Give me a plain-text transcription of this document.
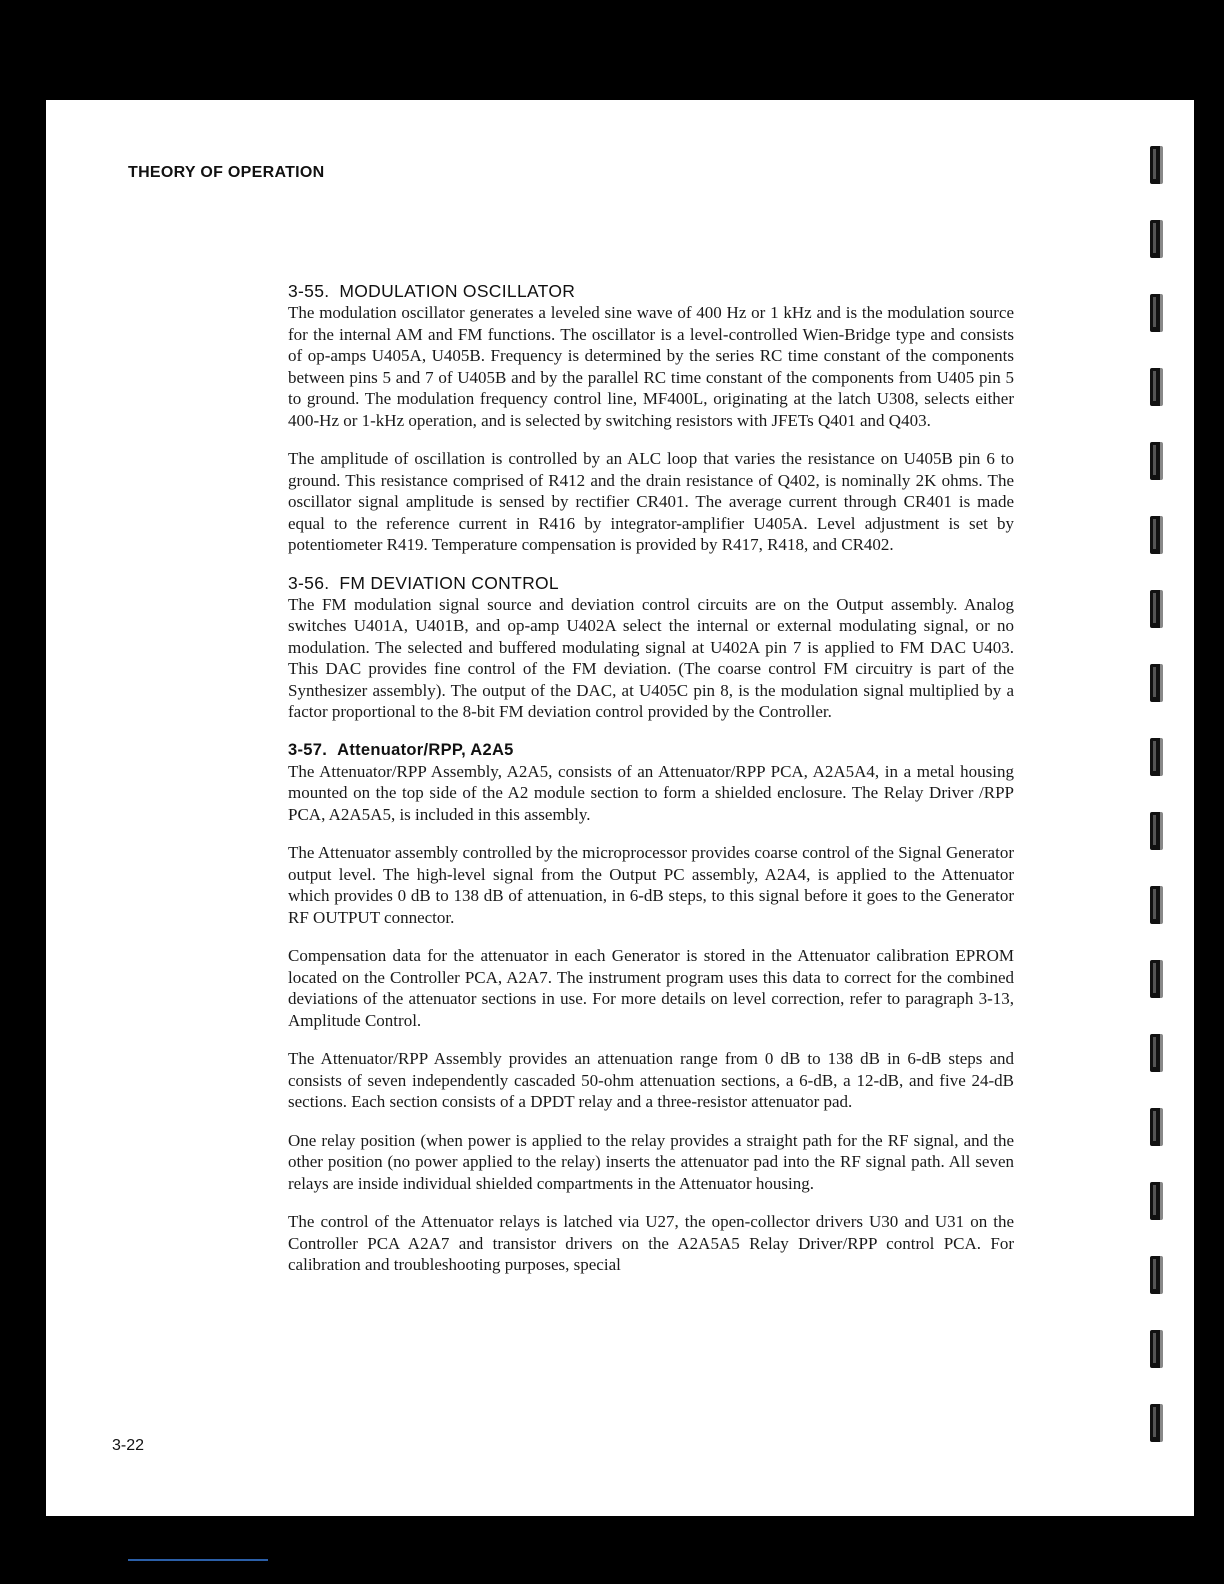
THEORY OF OPERATION
3-55. MODULATION OSCILLATOR

The modulation oscillator generates a leveled sine wave of 400 Hz or 1 kHz and is the modulation source for the internal AM and FM functions. The oscillator is a level-controlled Wien-Bridge type and consists of op-amps U405A, U405B. Frequency is determined by the series RC time constant of the components between pins 5 and 7 of U405B and by the parallel RC time constant of the components from U405 pin 5 to ground. The modulation frequency control line, MF400L, originating at the latch U308, selects either 400-Hz or 1-kHz operation, and is selected by switching resistors with JFETs Q401 and Q403.

The amplitude of oscillation is controlled by an ALC loop that varies the resistance on U405B pin 6 to ground. This resistance comprised of R412 and the drain resistance of Q402, is nominally 2K ohms. The oscillator signal amplitude is sensed by rectifier CR401. The average current through CR401 is made equal to the reference current in R416 by integrator-amplifier U405A. Level adjustment is set by potentiometer R419. Temperature compensation is provided by R417, R418, and CR402.

3-56. FM DEVIATION CONTROL

The FM modulation signal source and deviation control circuits are on the Output assembly. Analog switches U401A, U401B, and op-amp U402A select the internal or external modulating signal, or no modulation. The selected and buffered modulating signal at U402A pin 7 is applied to FM DAC U403. This DAC provides fine control of the FM deviation. (The coarse control FM circuitry is part of the Synthesizer assembly). The output of the DAC, at U405C pin 8, is the modulation signal multiplied by a factor proportional to the 8-bit FM deviation control provided by the Controller.

3-57. Attenuator/RPP, A2A5

The Attenuator/RPP Assembly, A2A5, consists of an Attenuator/RPP PCA, A2A5A4, in a metal housing mounted on the top side of the A2 module section to form a shielded enclosure. The Relay Driver /RPP PCA, A2A5A5, is included in this assembly.

The Attenuator assembly controlled by the microprocessor provides coarse control of the Signal Generator output level. The high-level signal from the Output PC assembly, A2A4, is applied to the Attenuator which provides 0 dB to 138 dB of attenuation, in 6-dB steps, to this signal before it goes to the Generator RF OUTPUT connector.

Compensation data for the attenuator in each Generator is stored in the Attenuator calibration EPROM located on the Controller PCA, A2A7. The instrument program uses this data to correct for the combined deviations of the attenuator sections in use. For more details on level correction, refer to paragraph 3-13, Amplitude Control.

The Attenuator/RPP Assembly provides an attenuation range from 0 dB to 138 dB in 6-dB steps and consists of seven independently cascaded 50-ohm attenuation sections, a 6-dB, a 12-dB, and five 24-dB sections. Each section consists of a DPDT relay and a three-resistor attenuator pad.

One relay position (when power is applied to the relay provides a straight path for the RF signal, and the other position (no power applied to the relay) inserts the attenuator pad into the RF signal path. All seven relays are inside individual shielded compartments in the Attenuator housing.

The control of the Attenuator relays is latched via U27, the open-collector drivers U30 and U31 on the Controller PCA A2A7 and transistor drivers on the A2A5A5 Relay Driver/RPP control PCA. For calibration and troubleshooting purposes, special

3-22
